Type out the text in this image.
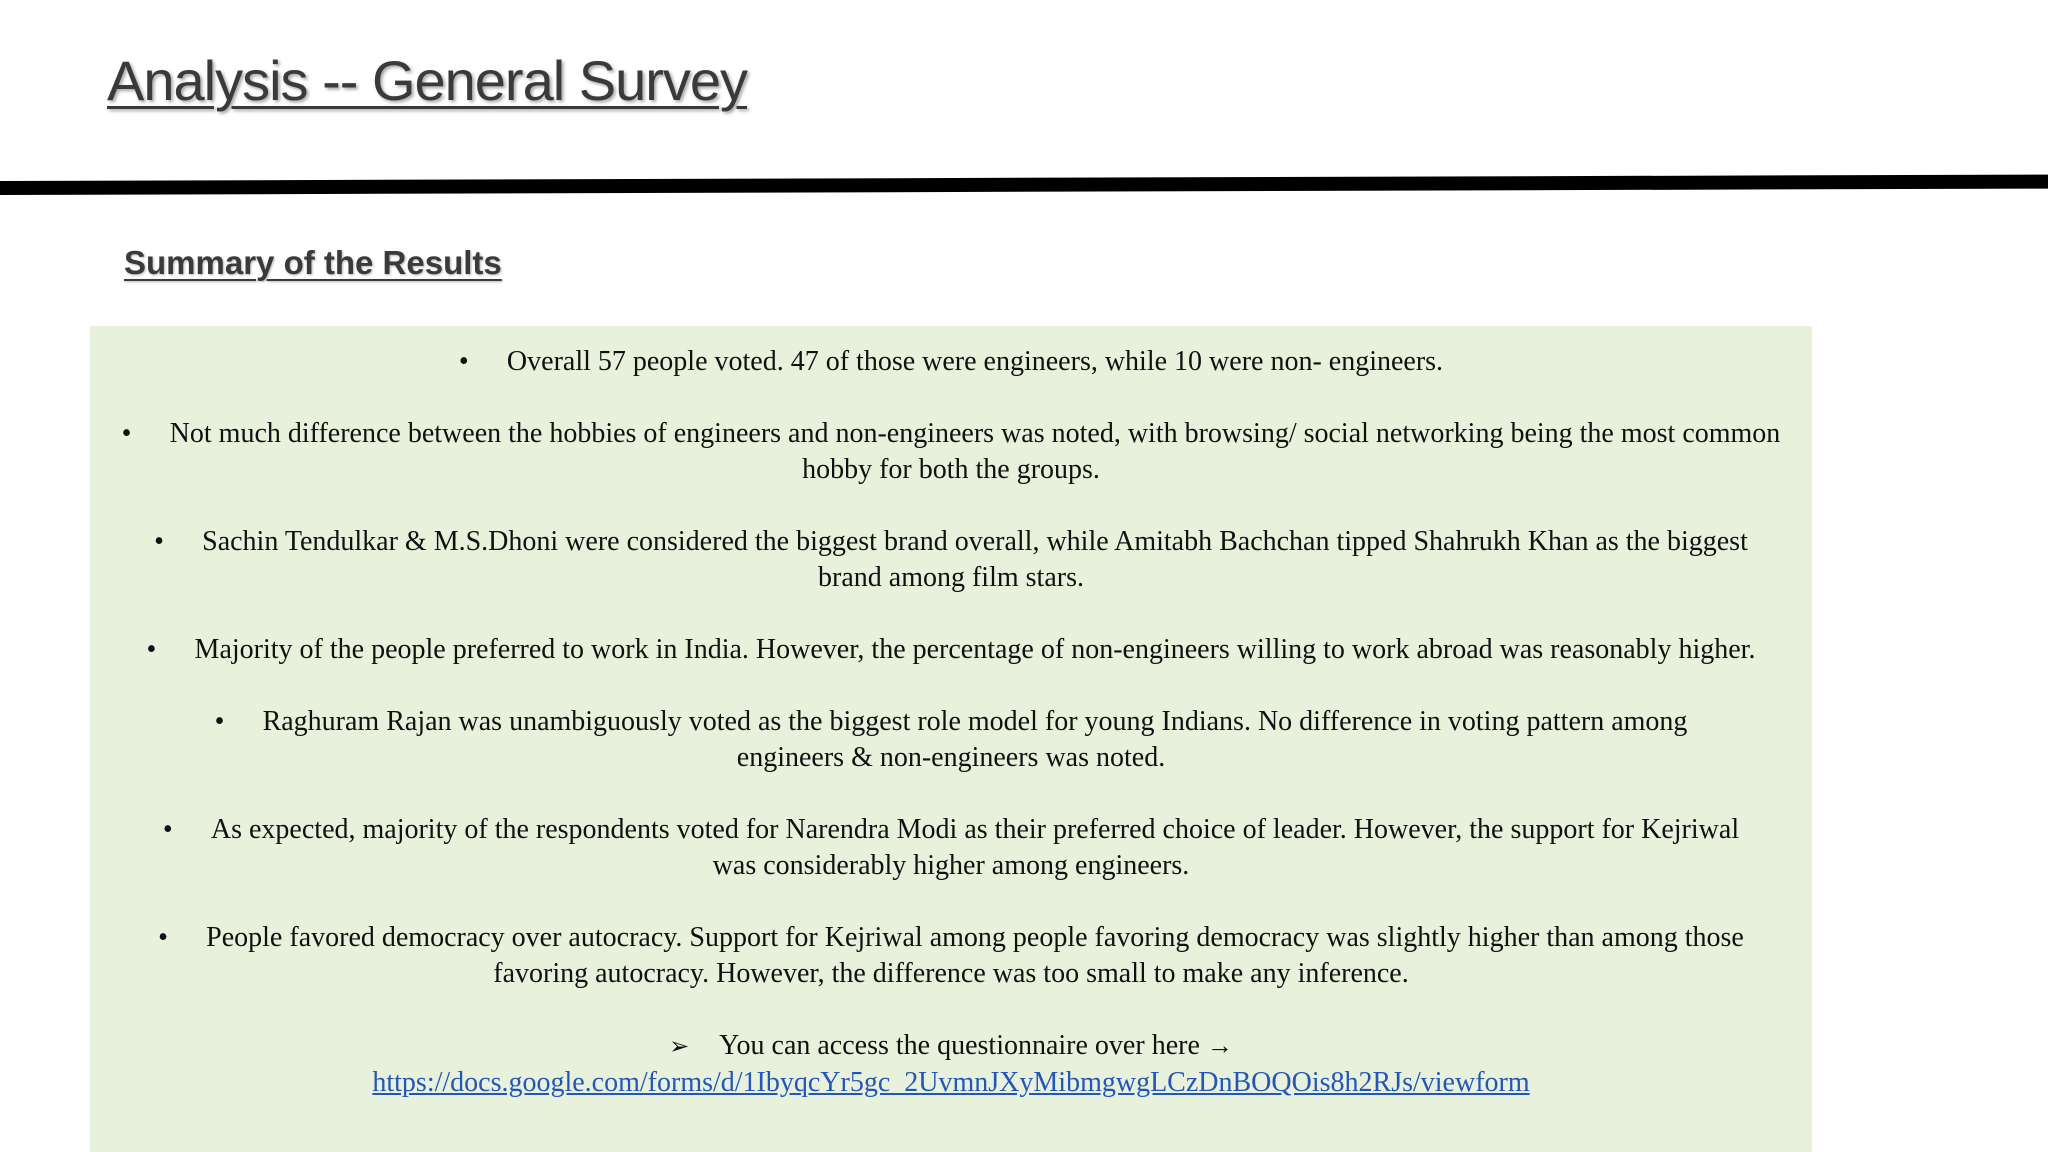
Analysis -- General Survey
Summary of the Results
• Overall 57 people voted. 47 of those were engineers, while 10 were non- engineers.
• Not much difference between the hobbies of engineers and non-engineers was noted, with browsing/ social networking being the most common hobby for both the groups.
• Sachin Tendulkar & M.S.Dhoni were considered the biggest brand overall, while Amitabh Bachchan tipped Shahrukh Khan as the biggest brand among film stars.
• Majority of the people preferred to work in India. However, the percentage of non-engineers willing to work abroad was reasonably higher.
• Raghuram Rajan was unambiguously voted as the biggest role model for young Indians. No difference in voting pattern among engineers & non-engineers was noted.
• As expected, majority of the respondents voted for Narendra Modi as their preferred choice of leader. However, the support for Kejriwal was considerably higher among engineers.
• People favored democracy over autocracy. Support for Kejriwal among people favoring democracy was slightly higher than among those favoring autocracy. However, the difference was too small to make any inference.
➢ You can access the questionnaire over here →
https://docs.google.com/forms/d/1IbyqcYr5gc_2UvmnJXyMibmgwgLCzDnBOQOis8h2RJs/viewform
